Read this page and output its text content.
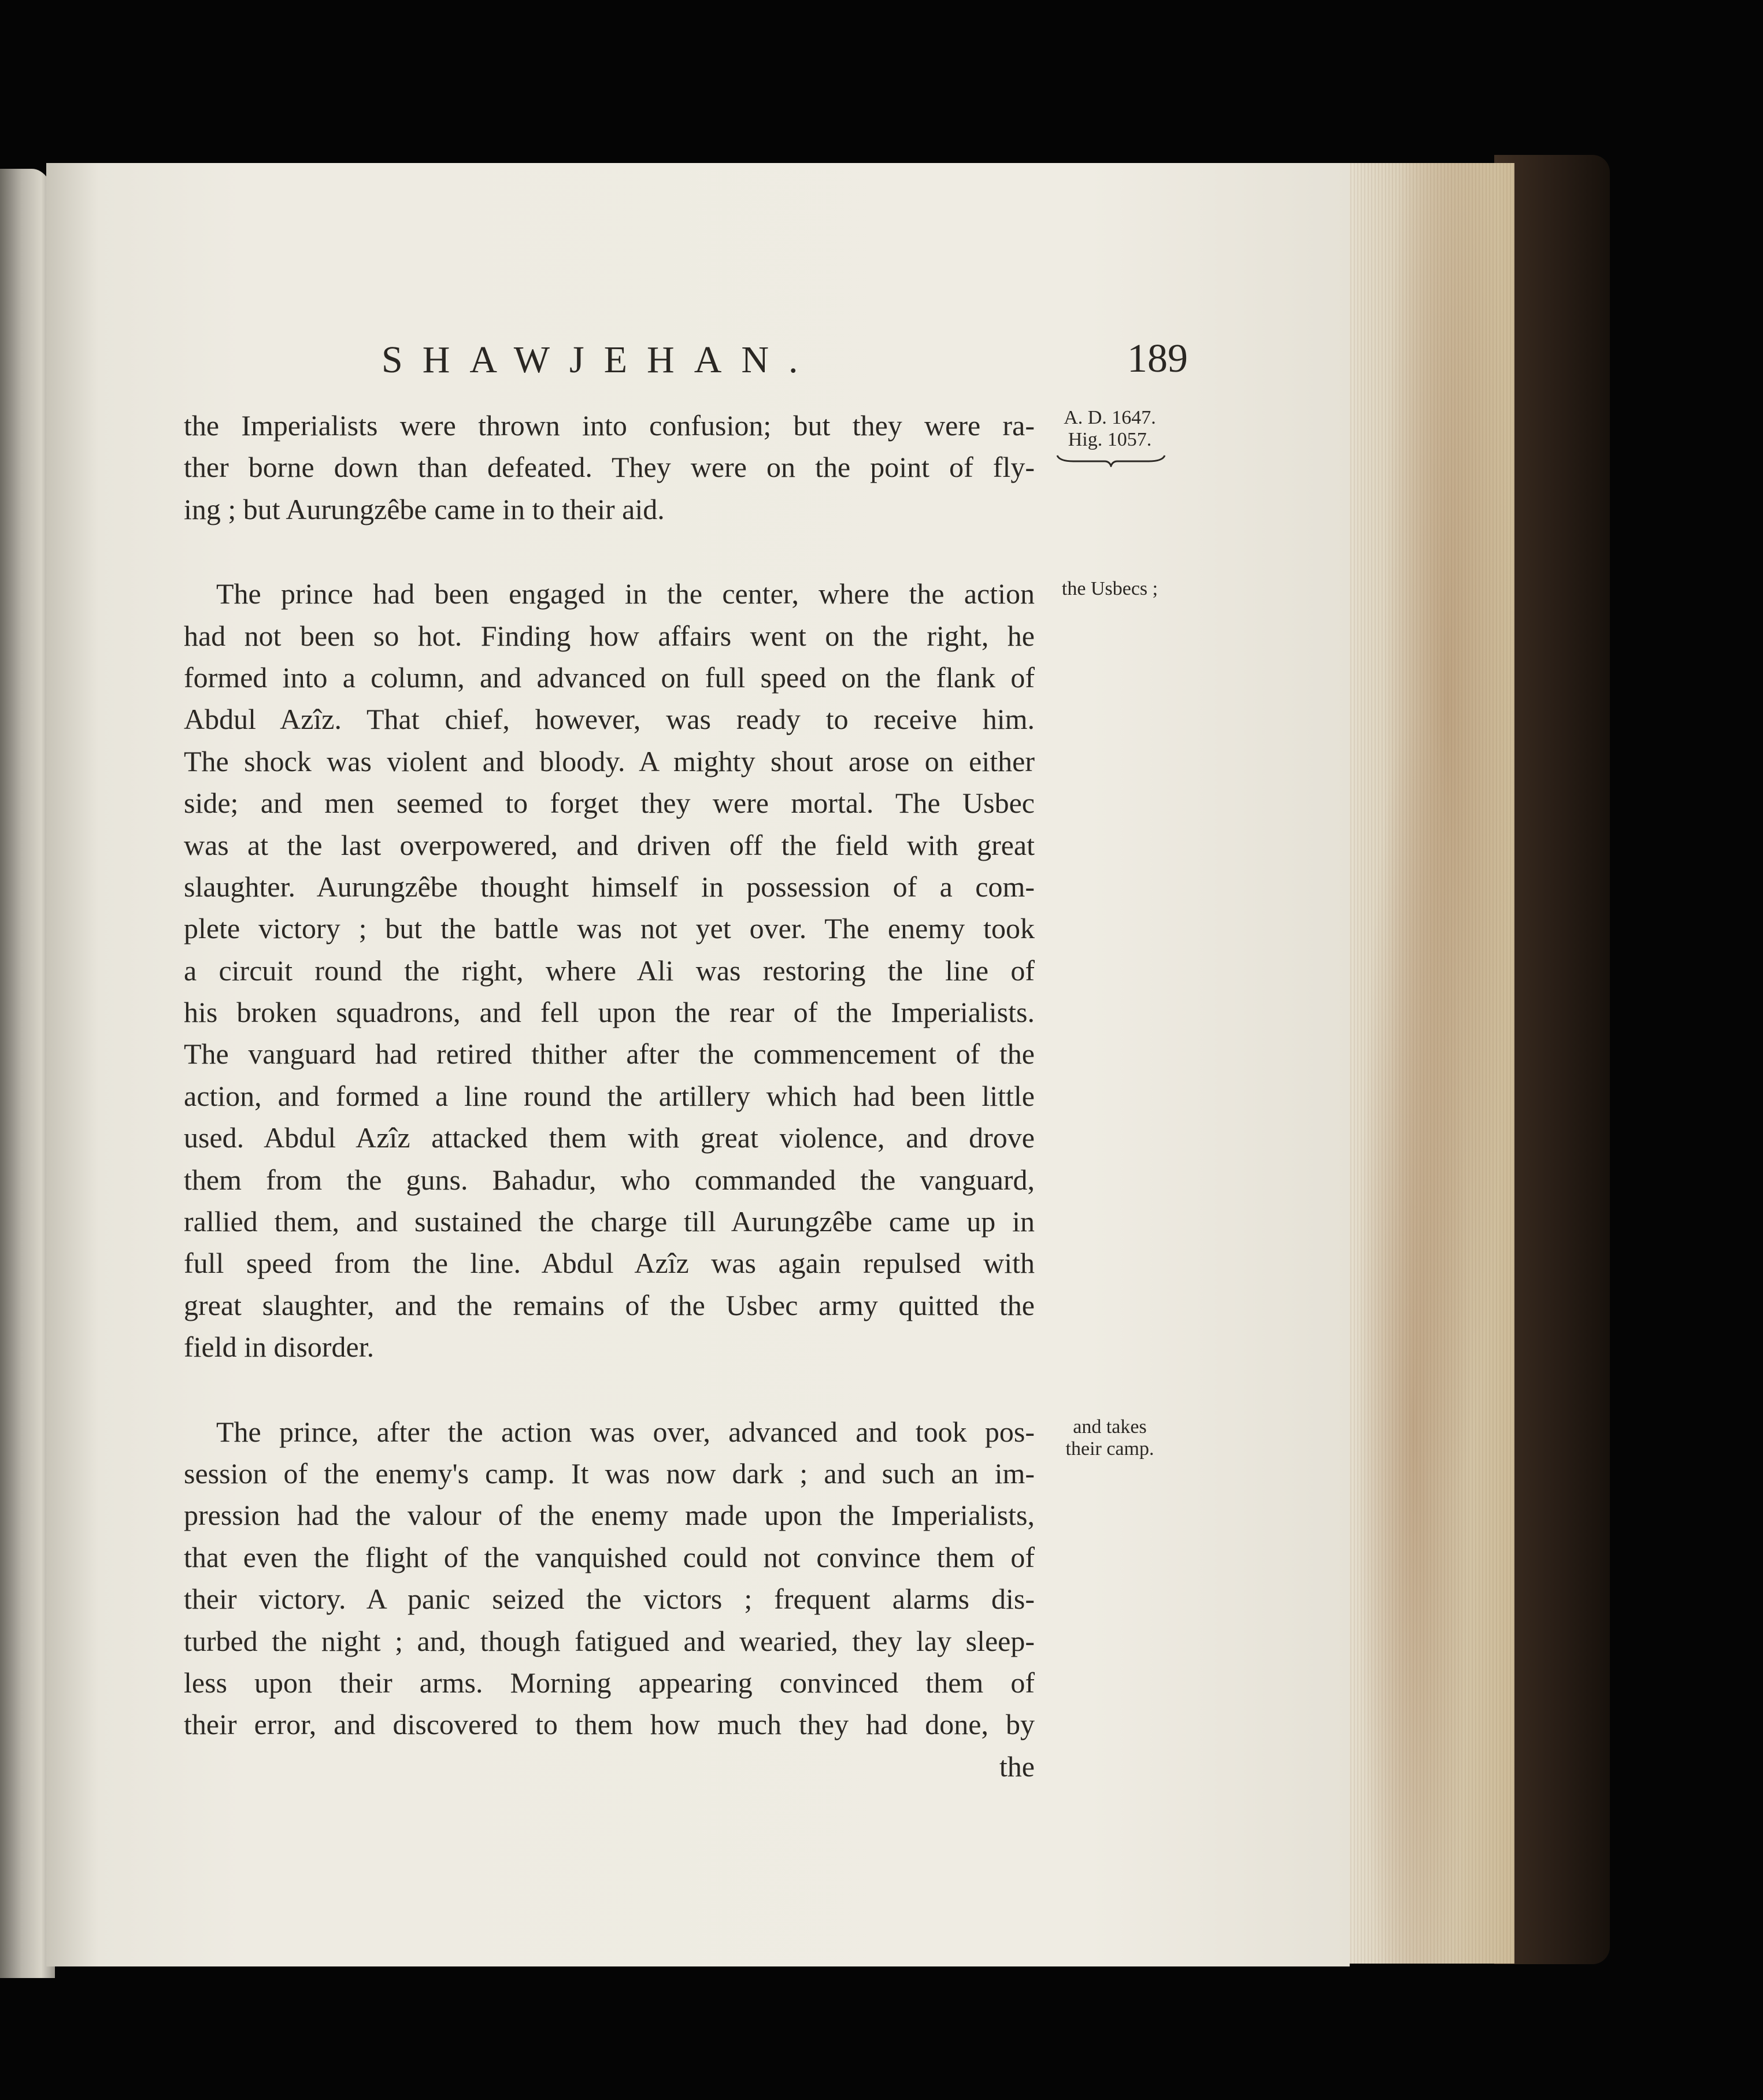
SHAWJEHAN.	189
the Imperialists were thrown into confusion; but they were ra-
ther borne down than defeated. They were on the point of fly-
ing ; but Aurungzêbe came in to their aid.
The prince had been engaged in the center, where the action
had not been so hot. Finding how affairs went on the right, he
formed into a column, and advanced on full speed on the flank of
Abdul Azîz. That chief, however, was ready to receive him.
The shock was violent and bloody. A mighty shout arose on either
side; and men seemed to forget they were mortal. The Usbec
was at the last overpowered, and driven off the field with great
slaughter. Aurungzêbe thought himself in possession of a com-
plete victory ; but the battle was not yet over. The enemy took
a circuit round the right, where Ali was restoring the line of
his broken squadrons, and fell upon the rear of the Imperialists.
The vanguard had retired thither after the commencement of the
action, and formed a line round the artillery which had been little
used. Abdul Azîz attacked them with great violence, and drove
them from the guns. Bahadur, who commanded the vanguard,
rallied them, and sustained the charge till Aurungzêbe came up in
full speed from the line. Abdul Azîz was again repulsed with
great slaughter, and the remains of the Usbec army quitted the
field in disorder.
The prince, after the action was over, advanced and took pos-
session of the enemy's camp. It was now dark ; and such an im-
pression had the valour of the enemy made upon the Imperialists,
that even the flight of the vanquished could not convince them of
their victory. A panic seized the victors ; frequent alarms dis-
turbed the night ; and, though fatigued and wearied, they lay sleep-
less upon their arms. Morning appearing convinced them of
their error, and discovered to them how much they had done, by
the
A. D. 1647.
Hig. 1057.
the Usbecs ;
and takes
their camp.
